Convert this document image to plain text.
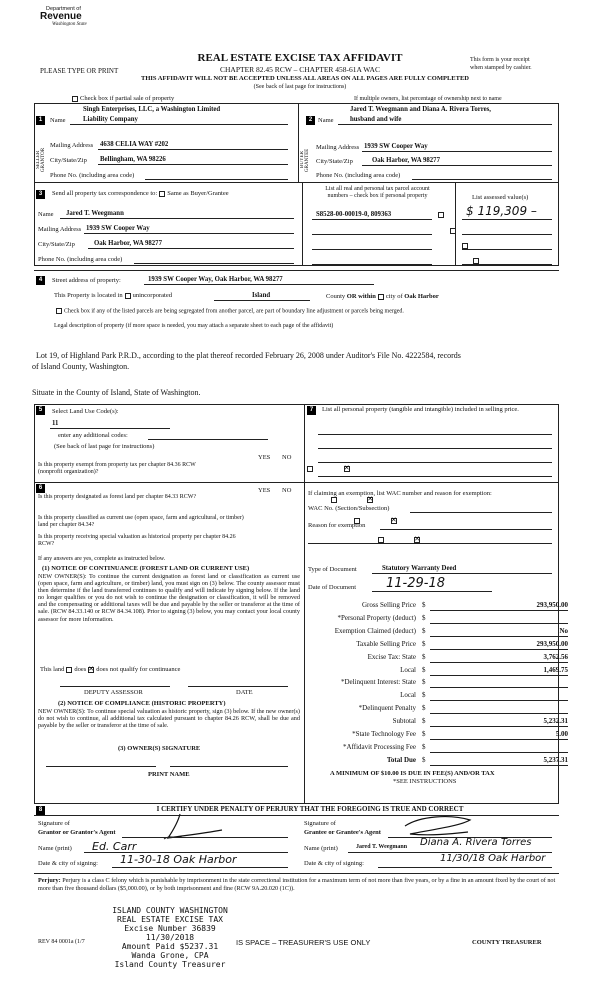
Department of
Revenue
Washington State
REAL ESTATE EXCISE TAX AFFIDAVIT
PLEASE TYPE OR PRINT	CHAPTER 82.45 RCW – CHAPTER 458-61A WAC
This form is your receipt
when stamped by cashier.
THIS AFFIDAVIT WILL NOT BE ACCEPTED UNLESS ALL AREAS ON ALL PAGES ARE FULLY COMPLETED
(See back of last page for instructions)
Check box if partial sale of property	If multiple owners, list percentage of ownership next to name
SELLER GRANTOR	BUYER GRANTEE
1	2
Singh Enterprises, LLC, a Washington Limited
Name	Liability Company
Mailing Address 4638 CELIA WAY #202
City/State/Zip Bellingham, WA 98226
Phone No. (including area code)
Jared T. Weegmann and Diana A. Rivera Torres,
Name husband and wife
Mailing Address 1939 SW Cooper Way
City/State/Zip	Oak Harbor, WA 98277
Phone No. (including area code)
3	Send all property tax correspondence to: Same as Buyer/Grantee
Name Jared T. Weegmann
Mailing Address 1939 SW Cooper Way
City/State/Zip	Oak Harbor, WA 98277
Phone No. (including area code)
List all real and personal tax parcel account
numbers – check box if personal property	List assessed value(s)
S8528-00-00019-0, 809363
	$ 119,309 –
4	Street address of property:	1939 SW Cooper Way, Oak Harbor, WA 98277
This Property is located in unincorporated	Island	County OR within city of Oak Harbor
Check box if any of the listed parcels are being segregated from another parcel, are part of boundary line adjustment or parcels being merged.
Legal description of property (if more space is needed, you may attach a separate sheet to each page of the affidavit)
Lot 19, of Highland Park P.R.D., according to the plat thereof recorded February 26, 2008 under Auditor's File No. 4222584, records
of Island County, Washington.
Situate in the County of Island, State of Washington.
5	Select Land Use Code(s):
11
enter any additional codes:
(See back of last page for instructions)
YES NO
Is this property exempt from property tax per chapter 84.36 RCW (nonprofit organization)?
✕
6	YES NO
Is this property designated as forest land per chapter 84.33 RCW?
✕
Is this property classified as current use (open space, farm and agricultural, or timber) land per chapter 84.34?
✕
Is this property receiving special valuation as historical property per chapter 84.26 RCW?
✕
If any answers are yes, complete as instructed below.
(1) NOTICE OF CONTINUANCE (FOREST LAND OR CURRENT USE)
NEW OWNER(S): To continue the current designation as forest land or classification as current use (open space, farm and agriculture, or timber) land, you must sign on (3) below. The county assessor must then determine if the land transferred continues to qualify and will indicate by signing below. If the land no longer qualifies or you do not wish to continue the designation or classification, it will be removed and the compensating or additional taxes will be due and payable by the seller or transferor at the time of sale. (RCW 84.33.140 or RCW 84.34.108). Prior to signing (3) below, you may contact your local county assessor for more information.
This land does✕ does not qualify for continuance
DEPUTY ASSESSOR	DATE
(2) NOTICE OF COMPLIANCE (HISTORIC PROPERTY)
NEW OWNER(S): To continue special valuation as historic property, sign (3) below. If the new owner(s) do not wish to continue, all additional tax calculated pursuant to chapter 84.26 RCW, shall be due and payable by the seller or transferor at the time of sale.
(3) OWNER(S) SIGNATURE
PRINT NAME
7	List all personal property (tangible and intangible) included in selling price.
If claiming an exemption, list WAC number and reason for exemption:
WAC No. (Section/Subsection)
Reason for exemption
Type of Document	Statutory Warranty Deed
Date of Document 11-29-18
Gross Selling Price $	293,950.00
*Personal Property (deduct) $
Exemption Claimed (deduct) $	No
Taxable Selling Price $	293,950.00
Excise Tax: State $	3,762.56
Local $	1,469.75
*Delinquent Interest: State $
Local $
*Delinquent Penalty $
Subtotal $	5,232.31
*State Technology Fee $	5.00
*Affidavit Processing Fee $
Total Due $	5,237.31
A MINIMUM OF $10.00 IS DUE IN FEE(S) AND/OR TAX
*SEE INSTRUCTIONS
8	I CERTIFY UNDER PENALTY OF PERJURY THAT THE FOREGOING IS TRUE AND CORRECT
Signature of
Grantor or Grantor's Agent
Name (print) Ed. Carr
Date & city of signing: 11-30-18 Oak Harbor
Signature of
Grantee or Grantee's Agent
Name (print)	Jared T. Weegmann Diana A. Rivera Torres
Date & city of signing:	11/30/18 Oak Harbor
Perjury: Perjury is a class C felony which is punishable by imprisonment in the state correctional institution for a maximum term of not more than five years, or by a fine in an amount fixed by the court of not more than five thousand dollars ($5,000.00), or by both imprisonment and fine (RCW 9A.20.020 (1C)).
ISLAND COUNTY WASHINGTON
REAL ESTATE EXCISE TAX
Excise Number 36839
11/30/2018
Amount Paid $5237.31
Wanda Grone, CPA
Island County Treasurer
REV 84 0001a (1/7	IS SPACE – TREASURER'S USE ONLY	COUNTY TREASURER
